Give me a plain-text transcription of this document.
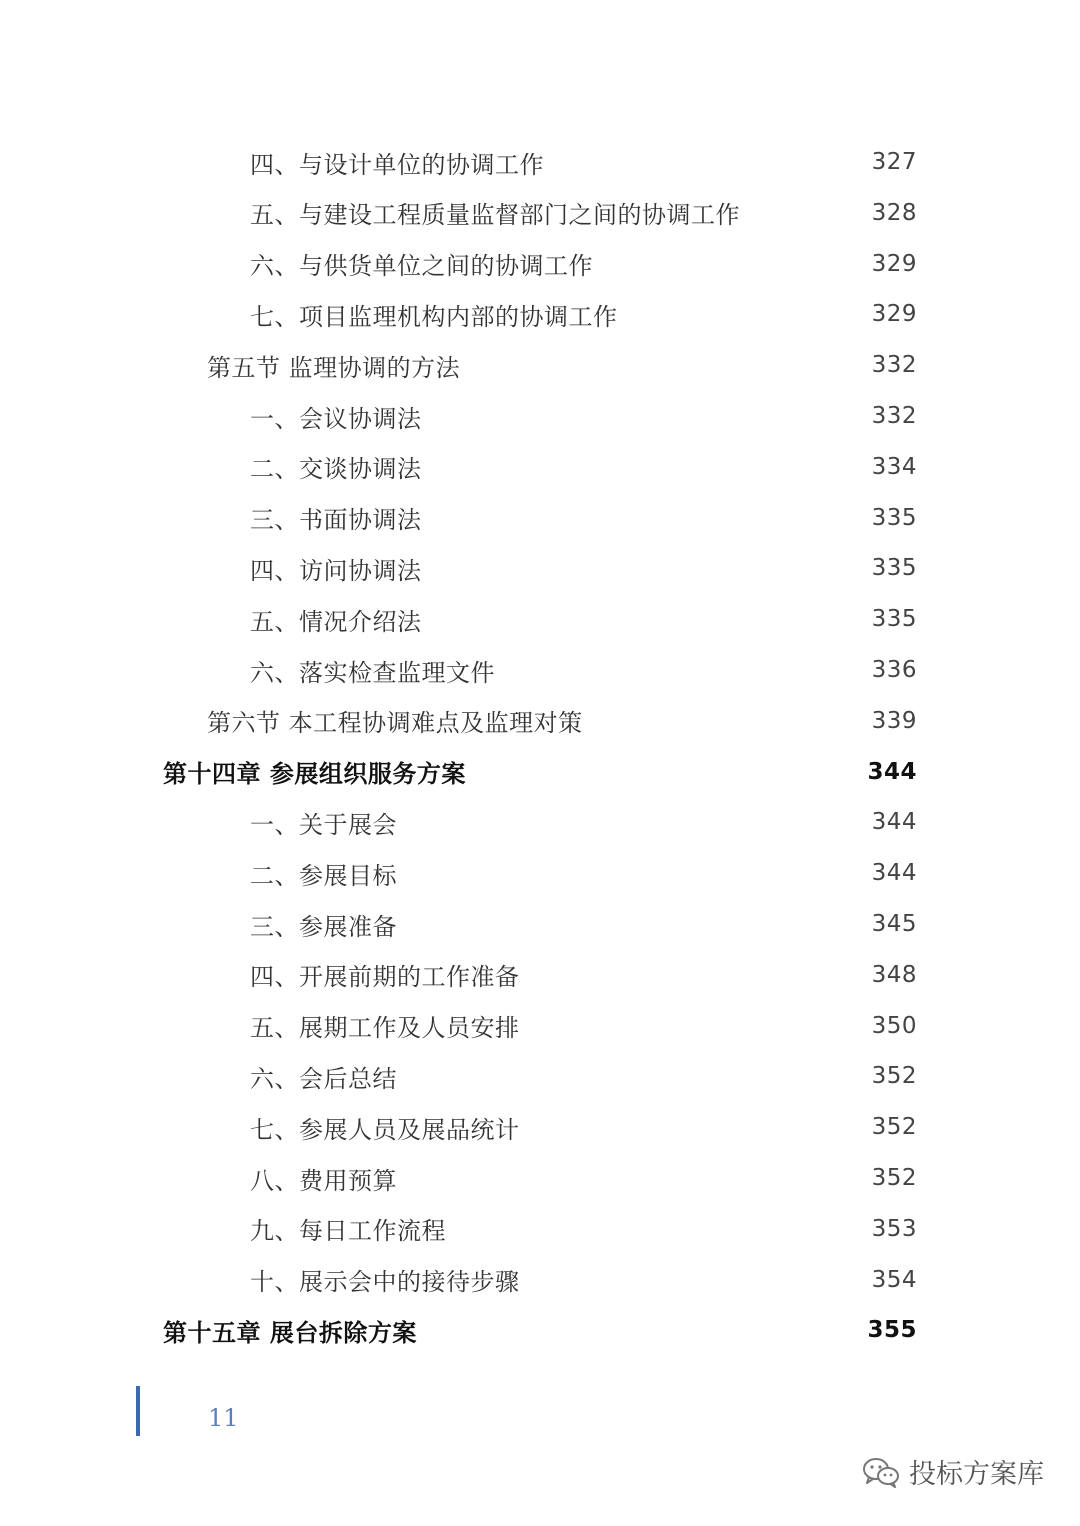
四、与设计单位的协调工作	327
五、与建设工程质量监督部门之间的协调工作	328
六、与供货单位之间的协调工作	329
七、项目监理机构内部的协调工作	329
第五节 监理协调的方法	332
一、会议协调法	332
二、交谈协调法	334
三、书面协调法	335
四、访问协调法	335
五、情况介绍法	335
六、落实检查监理文件	336
第六节 本工程协调难点及监理对策	339
第十四章 参展组织服务方案	344
一、关于展会	344
二、参展目标	344
三、参展准备	345
四、开展前期的工作准备	348
五、展期工作及人员安排	350
六、会后总结	352
七、参展人员及展品统计	352
八、费用预算	352
九、每日工作流程	353
十、展示会中的接待步骤	354
第十五章 展台拆除方案	355
11
投标方案库
